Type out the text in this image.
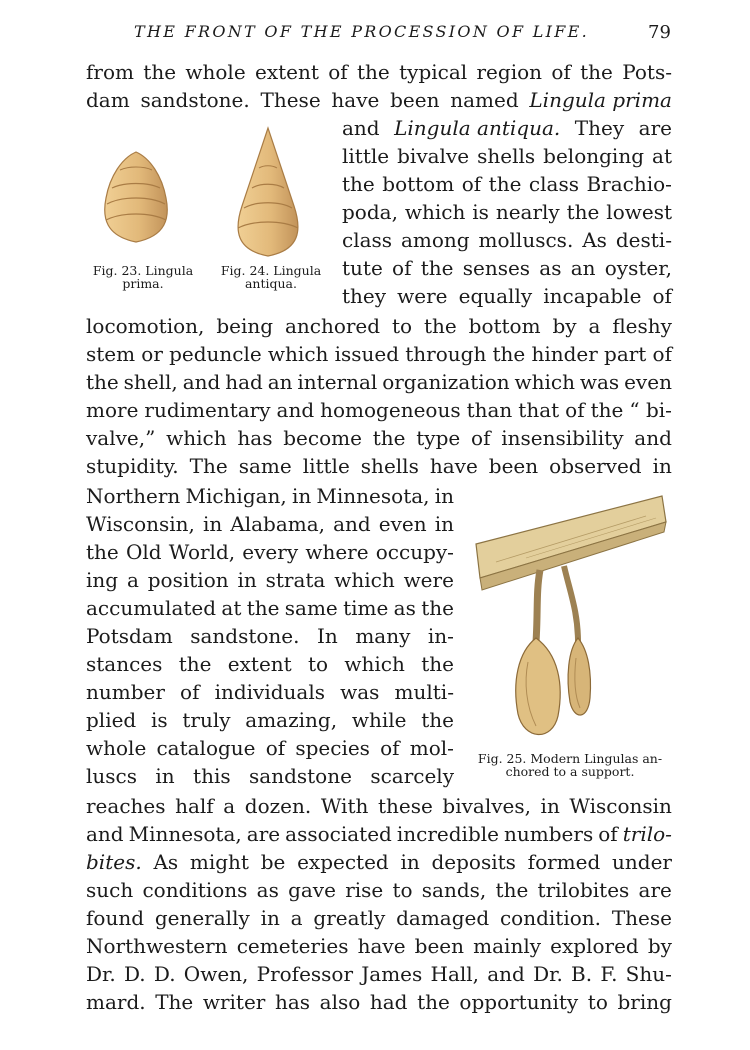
THE FRONT OF THE PROCESSION OF LIFE.	79
from the whole extent of the typical region of the Pots-
dam sandstone. These have been named Lingula prima
and Lingula antiqua. They are
little bivalve shells belonging at
the bottom of the class Brachio-
poda, which is nearly the lowest
class among molluscs. As desti-
tute of the senses as an oyster,
they were equally incapable of
locomotion, being anchored to the bottom by a fleshy
stem or peduncle which issued through the hinder part of
the shell, and had an internal organization which was even
more rudimentary and homogeneous than that of the “ bi-
valve,” which has become the type of insensibility and
stupidity. The same little shells have been observed in
Northern Michigan, in Minnesota, in
Wisconsin, in Alabama, and even in
the Old World, every where occupy-
ing a position in strata which were
accumulated at the same time as the
Potsdam sandstone. In many in-
stances the extent to which the
number of individuals was multi-
plied is truly amazing, while the
whole catalogue of species of mol-
luscs in this sandstone scarcely
reaches half a dozen. With these bivalves, in Wisconsin
and Minnesota, are associated incredible numbers of trilo-
bites. As might be expected in deposits formed under
such conditions as gave rise to sands, the trilobites are
found generally in a greatly damaged condition. These
Northwestern cemeteries have been mainly explored by
Dr. D. D. Owen, Professor James Hall, and Dr. B. F. Shu-
mard. The writer has also had the opportunity to bring
Fig. 23. Lingula
prima.
Fig. 24. Lingula
antiqua.
Fig. 25. Modern Lingulas an-
chored to a support.
